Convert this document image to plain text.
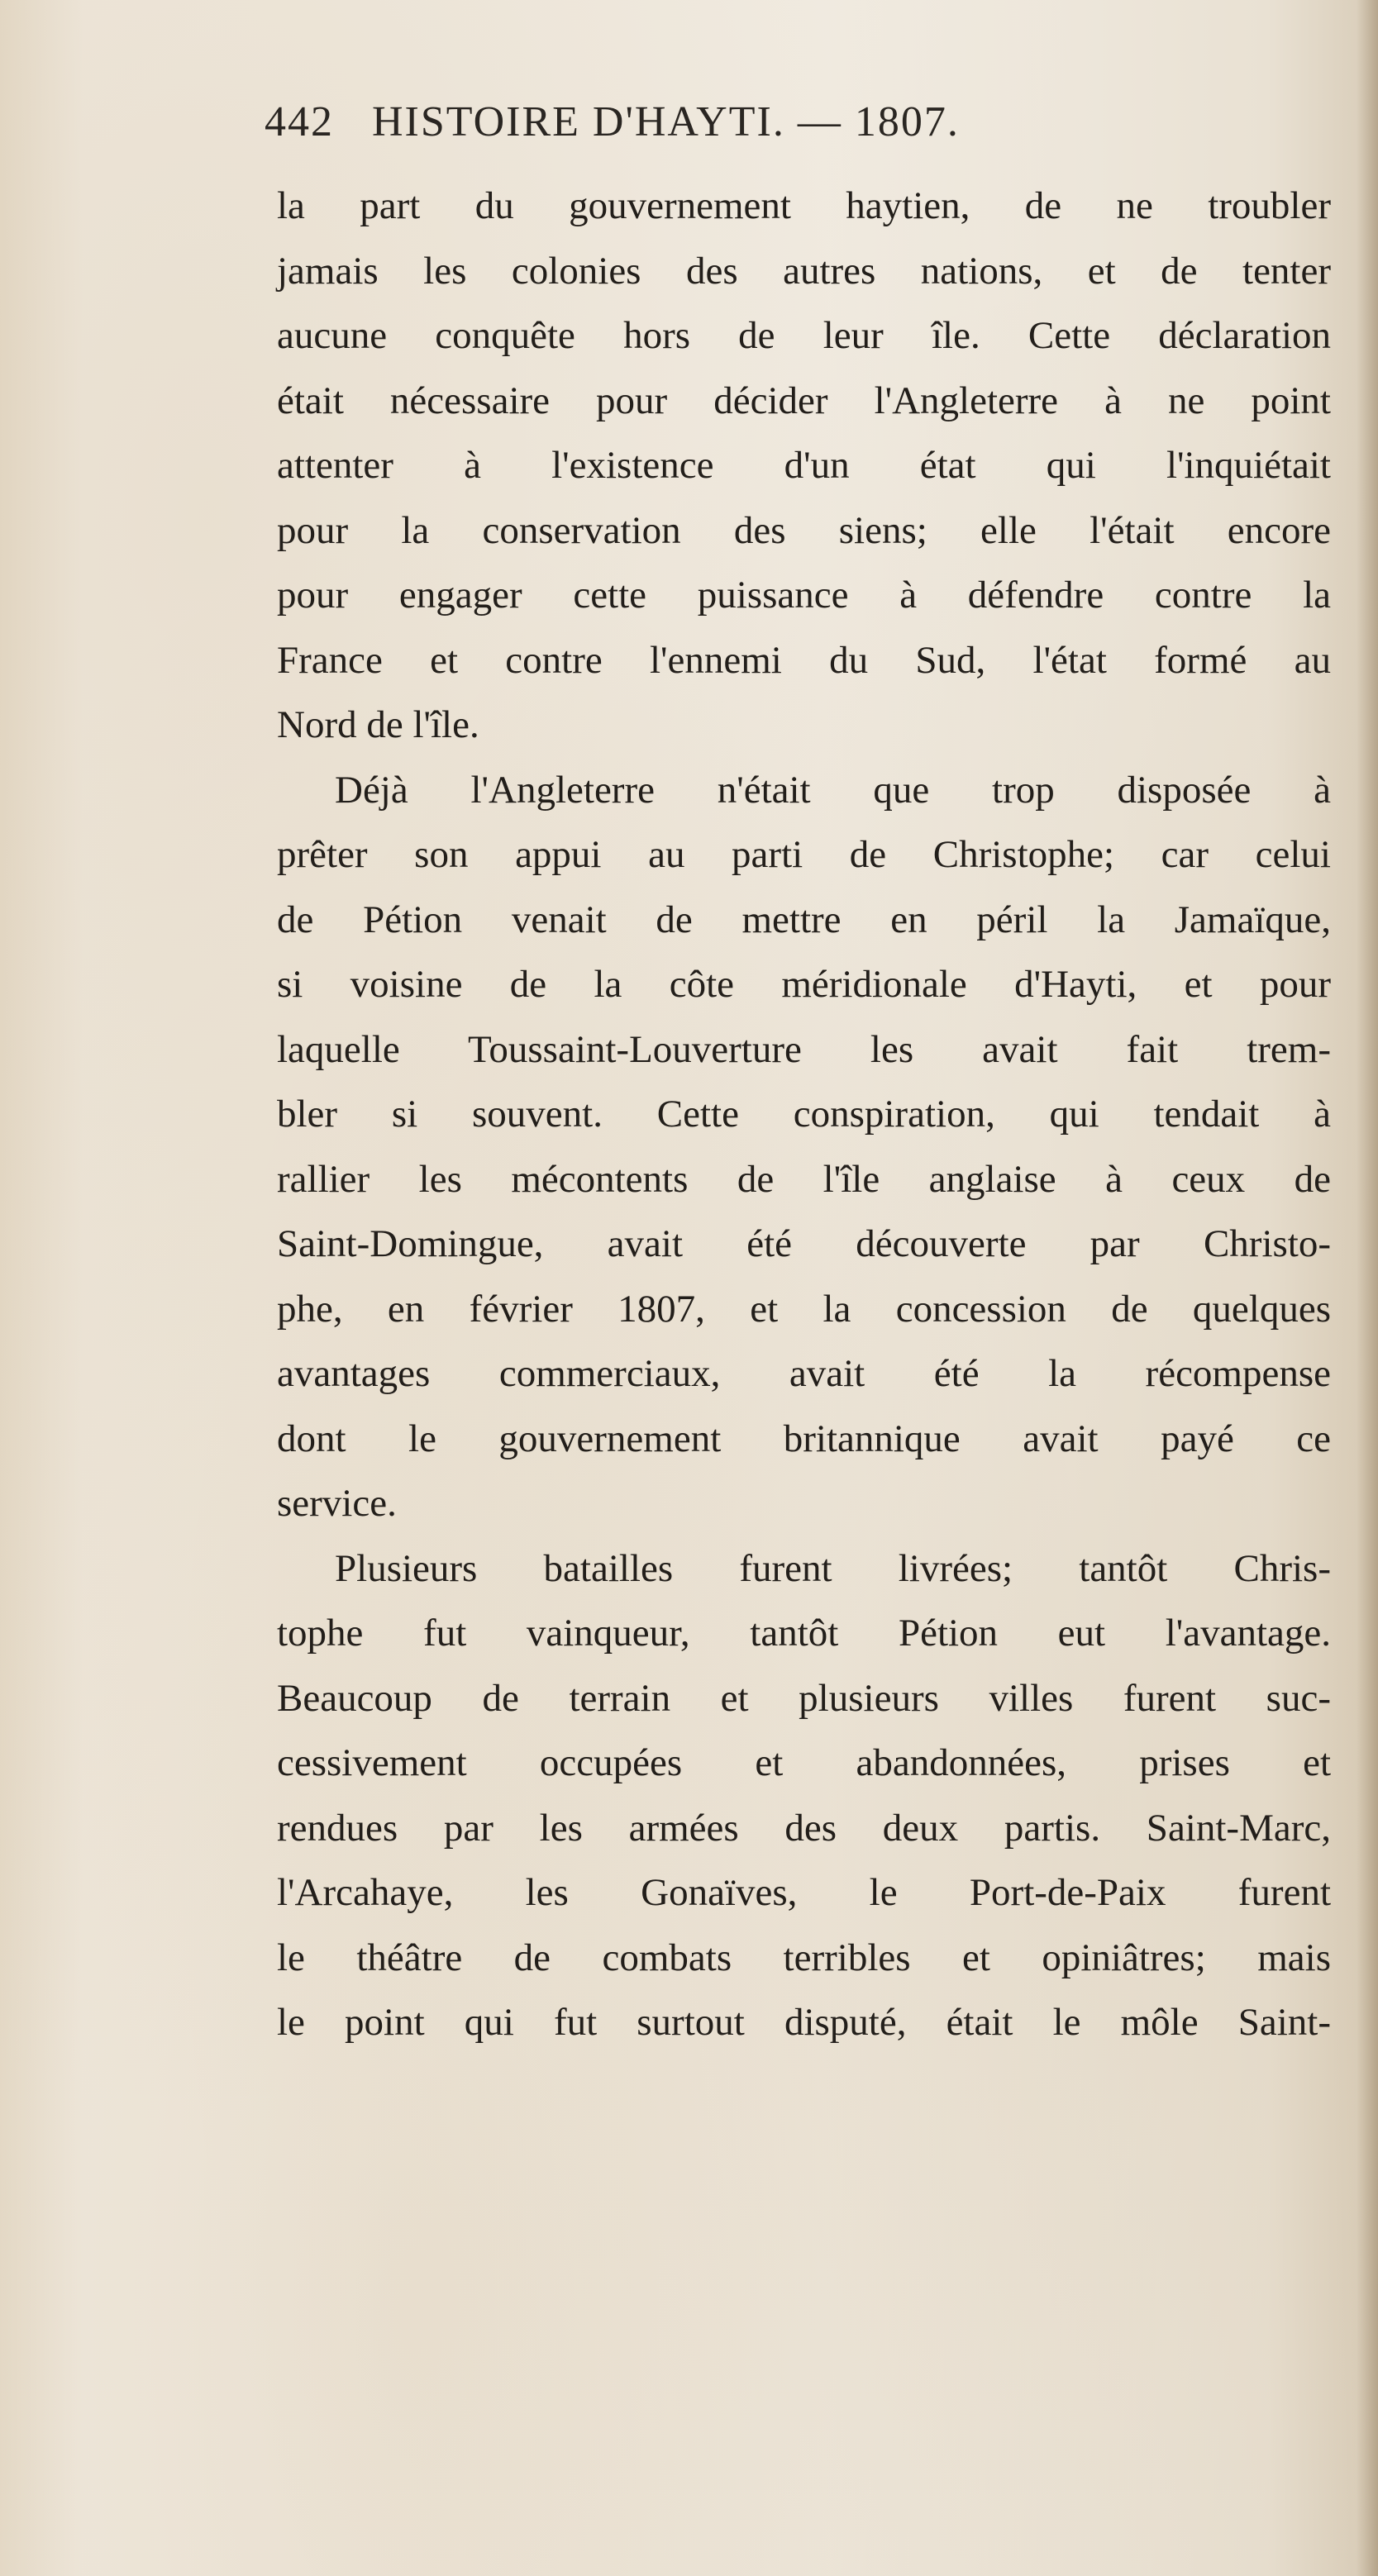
442 HISTOIRE D'HAYTI. — 1807.
la part du gouvernement haytien, de ne troubler
jamais les colonies des autres nations, et de tenter
aucune conquête hors de leur île. Cette déclaration
était nécessaire pour décider l'Angleterre à ne point
attenter à l'existence d'un état qui l'inquiétait
pour la conservation des siens; elle l'était encore
pour engager cette puissance à défendre contre la
France et contre l'ennemi du Sud, l'état formé au
Nord de l'île.
Déjà l'Angleterre n'était que trop disposée à
prêter son appui au parti de Christophe; car celui
de Pétion venait de mettre en péril la Jamaïque,
si voisine de la côte méridionale d'Hayti, et pour
laquelle Toussaint-Louverture les avait fait trem-
bler si souvent. Cette conspiration, qui tendait à
rallier les mécontents de l'île anglaise à ceux de
Saint-Domingue, avait été découverte par Christo-
phe, en février 1807, et la concession de quelques
avantages commerciaux, avait été la récompense
dont le gouvernement britannique avait payé ce
service.
Plusieurs batailles furent livrées; tantôt Chris-
tophe fut vainqueur, tantôt Pétion eut l'avantage.
Beaucoup de terrain et plusieurs villes furent suc-
cessivement occupées et abandonnées, prises et
rendues par les armées des deux partis. Saint-Marc,
l'Arcahaye, les Gonaïves, le Port-de-Paix furent
le théâtre de combats terribles et opiniâtres; mais
le point qui fut surtout disputé, était le môle Saint-
